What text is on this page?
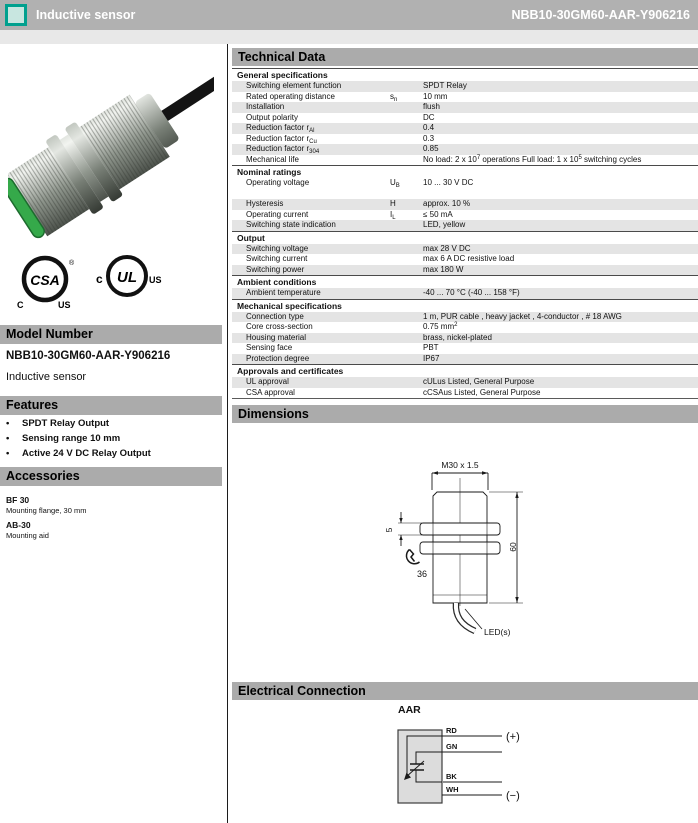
Inductive sensor	NBB10-30GM60-AAR-Y906216
CSA
®
C	US
UL
c	US
Model Number
NBB10-30GM60-AAR-Y906216
Inductive sensor
Features
•	SPDT Relay Output
•	Sensing range 10 mm
•	Active 24 V DC Relay Output
Accessories
BF 30
Mounting flange, 30 mm
AB-30
Mounting aid
Technical Data
General specifications
Switching element function	SPDT Relay
Rated operating distance	$s_n$	10 mm
Installation	flush
Output polarity	DC
Reduction factor $r_{Al}$	0.4
Reduction factor $r_{Cu}$	0.3
Reduction factor $r_{304}$	0.85
Mechanical life	No load: 2 x $10^7$ operations Full load: 1 x $10^5$ switching cycles
Nominal ratings
Operating voltage	$U_B$	10 ... 30 V DC
Hysteresis	H	approx. 10 %
Operating current	$I_L$	≤ 50 mA
Switching state indication	LED, yellow
Output
Switching voltage	max 28 V DC
Switching current	max 6 A DC resistive load
Switching power	max 180 W
Ambient conditions
Ambient temperature	-40 ... 70 °C (-40 ... 158 °F)
Mechanical specifications
Connection type	1 m, PUR cable , heavy jacket , 4-conductor , # 18 AWG
Core cross-section	0.75 $mm^2$
Housing material	brass, nickel-plated
Sensing face	PBT
Protection degree	IP67
Approvals and certificates
UL approval	cULus Listed, General Purpose
CSA approval	cCSAus Listed, General Purpose
Dimensions
M30 x 1.5
5
36
60
LED(s)
Electrical Connection
AAR
RD
GN
BK
WH
(+)
(−)
